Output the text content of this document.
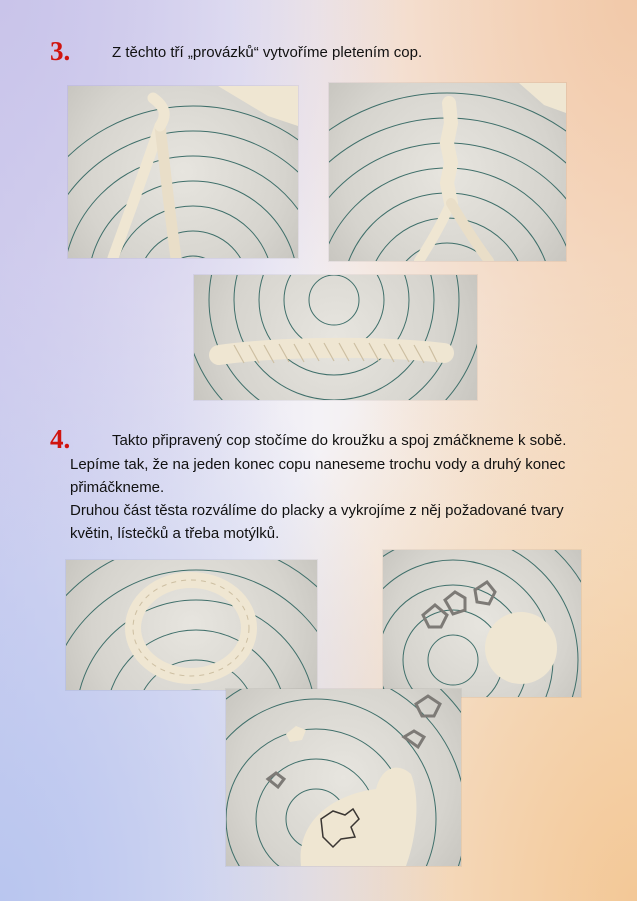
3.	Z těchto tří „provázků“ vytvoříme pletením cop.
4.	Takto připravený cop stočíme do kroužku a spoj zmáčkneme k sobě.
Lepíme tak, že na jeden konec copu naneseme trochu vody a druhý konec
přimáčkneme.
Druhou část těsta rozválíme do placky a vykrojíme z něj požadované tvary
květin, lístečků a třeba motýlků.
